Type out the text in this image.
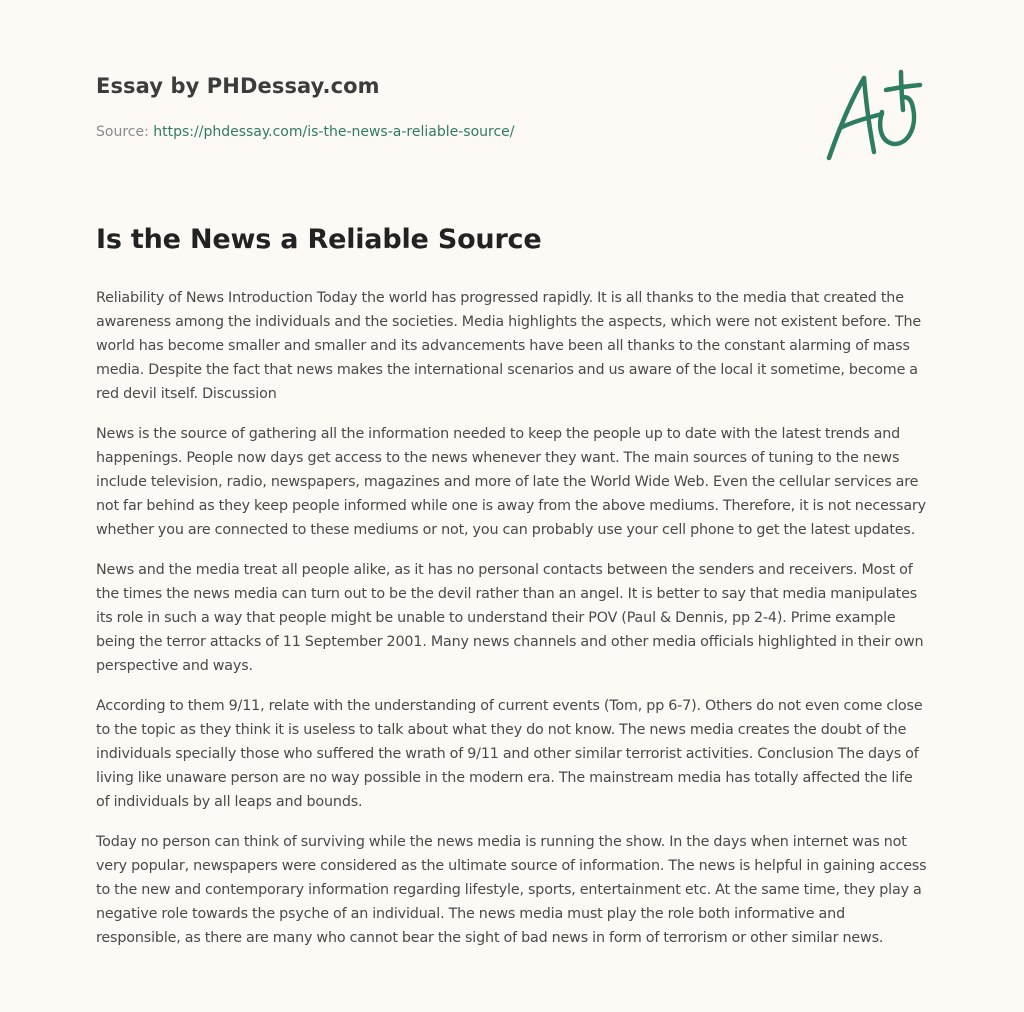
Essay by PHDessay.com
Source: https://phdessay.com/is-the-news-a-reliable-source/
Is the News a Reliable Source

Reliability of News Introduction Today the world has progressed rapidly. It is all thanks to the media that created the awareness among the individuals and the societies. Media highlights the aspects, which were not existent before. The world has become smaller and smaller and its advancements have been all thanks to the constant alarming of mass media. Despite the fact that news makes the international scenarios and us aware of the local it sometime, become a red devil itself. Discussion

News is the source of gathering all the information needed to keep the people up to date with the latest trends and happenings. People now days get access to the news whenever they want. The main sources of tuning to the news include television, radio, newspapers, magazines and more of late the World Wide Web. Even the cellular services are not far behind as they keep people informed while one is away from the above mediums. Therefore, it is not necessary whether you are connected to these mediums or not, you can probably use your cell phone to get the latest updates.

News and the media treat all people alike, as it has no personal contacts between the senders and receivers. Most of the times the news media can turn out to be the devil rather than an angel. It is better to say that media manipulates its role in such a way that people might be unable to understand their POV (Paul & Dennis, pp 2-4). Prime example being the terror attacks of 11 September 2001. Many news channels and other media officials highlighted in their own perspective and ways.

According to them 9/11, relate with the understanding of current events (Tom, pp 6-7). Others do not even come close to the topic as they think it is useless to talk about what they do not know. The news media creates the doubt of the individuals specially those who suffered the wrath of 9/11 and other similar terrorist activities. Conclusion The days of living like unaware person are no way possible in the modern era. The mainstream media has totally affected the life of individuals by all leaps and bounds.

Today no person can think of surviving while the news media is running the show. In the days when internet was not very popular, newspapers were considered as the ultimate source of information. The news is helpful in gaining access to the new and contemporary information regarding lifestyle, sports, entertainment etc. At the same time, they play a negative role towards the psyche of an individual. The news media must play the role both informative and responsible, as there are many who cannot bear the sight of bad news in form of terrorism or other similar news.
